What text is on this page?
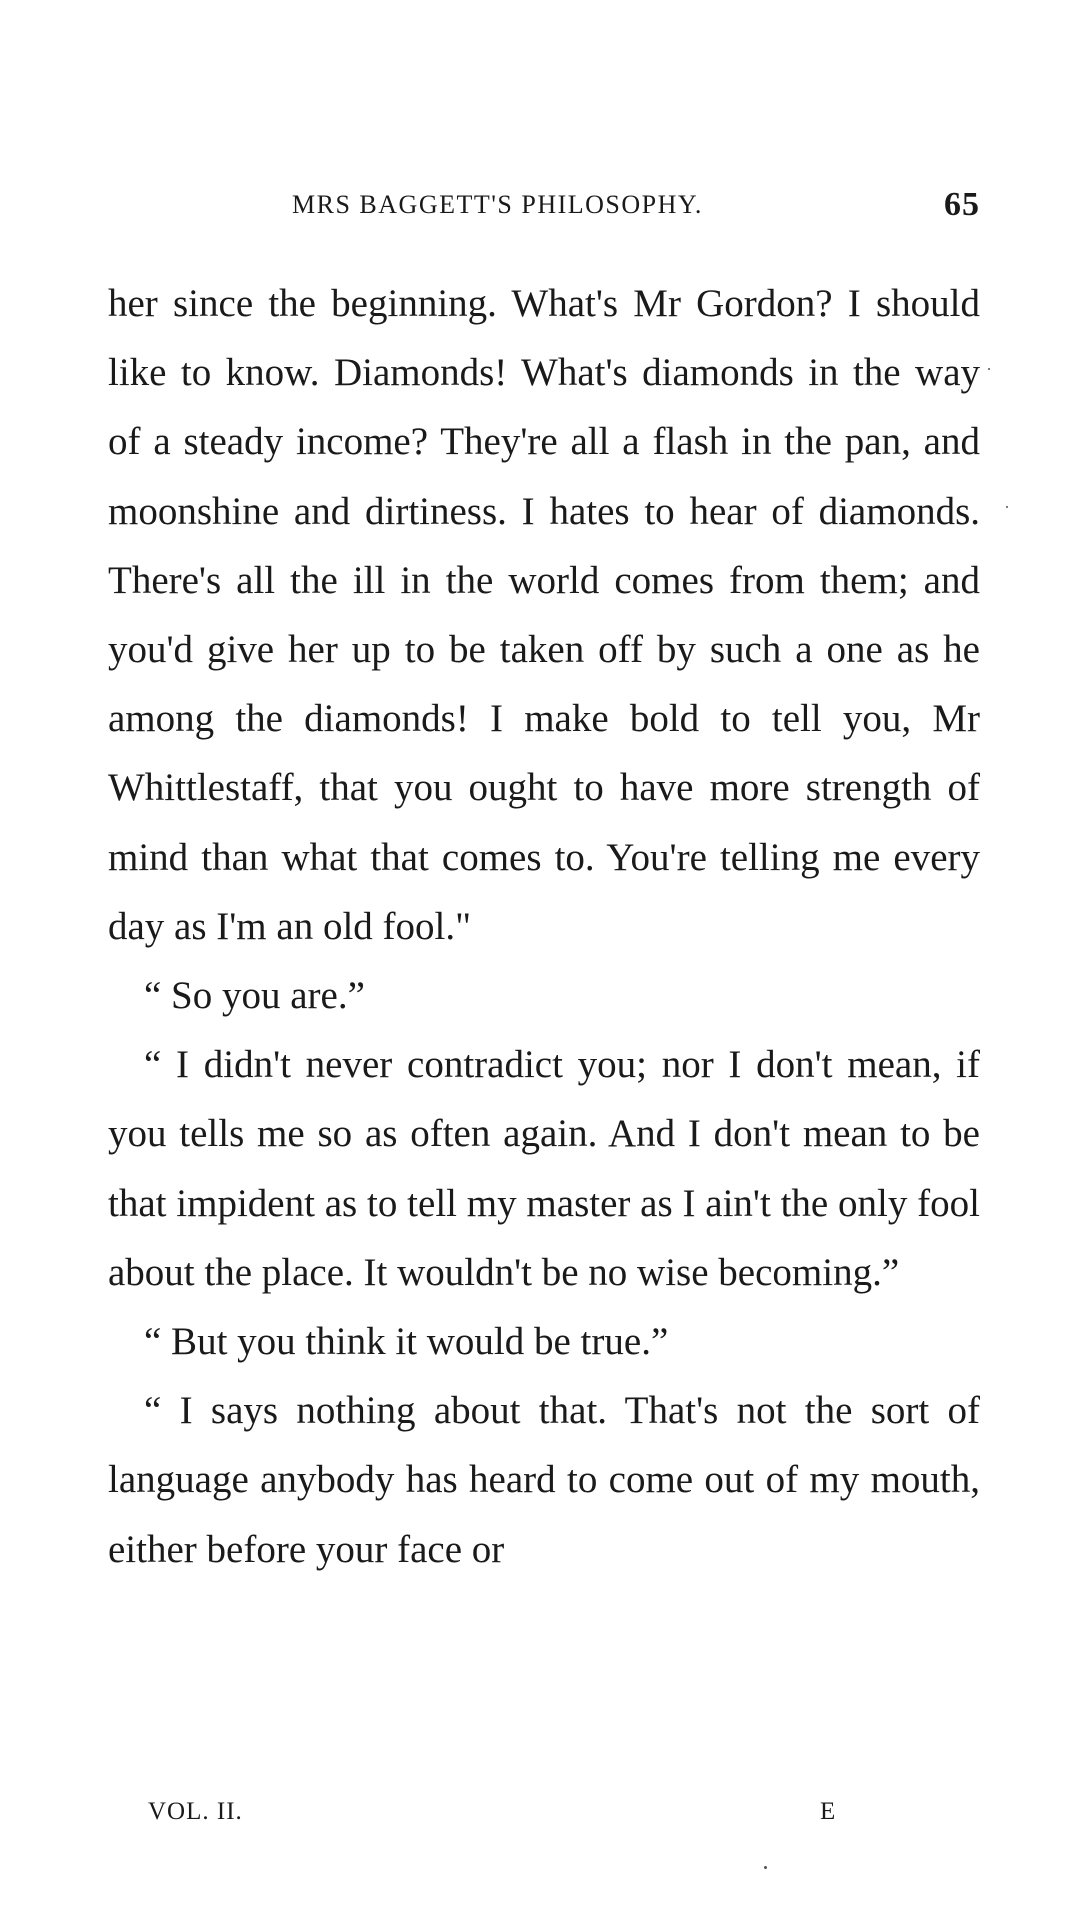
MRS BAGGETT'S PHILOSOPHY.	65

her since the beginning. What's Mr Gordon? I should like to know. Diamonds! What's diamonds in the way of a steady income? They're all a flash in the pan, and moonshine and dirtiness. I hates to hear of diamonds. There's all the ill in the world comes from them; and you'd give her up to be taken off by such a one as he among the diamonds! I make bold to tell you, Mr Whittlestaff, that you ought to have more strength of mind than what that comes to. You're telling me every day as I'm an old fool."

“ So you are.”

“ I didn't never contradict you; nor I don't mean, if you tells me so as often again. And I don't mean to be that impident as to tell my master as I ain't the only fool about the place. It wouldn't be no wise becoming.”

“ But you think it would be true.”

“ I says nothing about that. That's not the sort of language anybody has heard to come out of my mouth, either before your face or

VOL. II.	E
